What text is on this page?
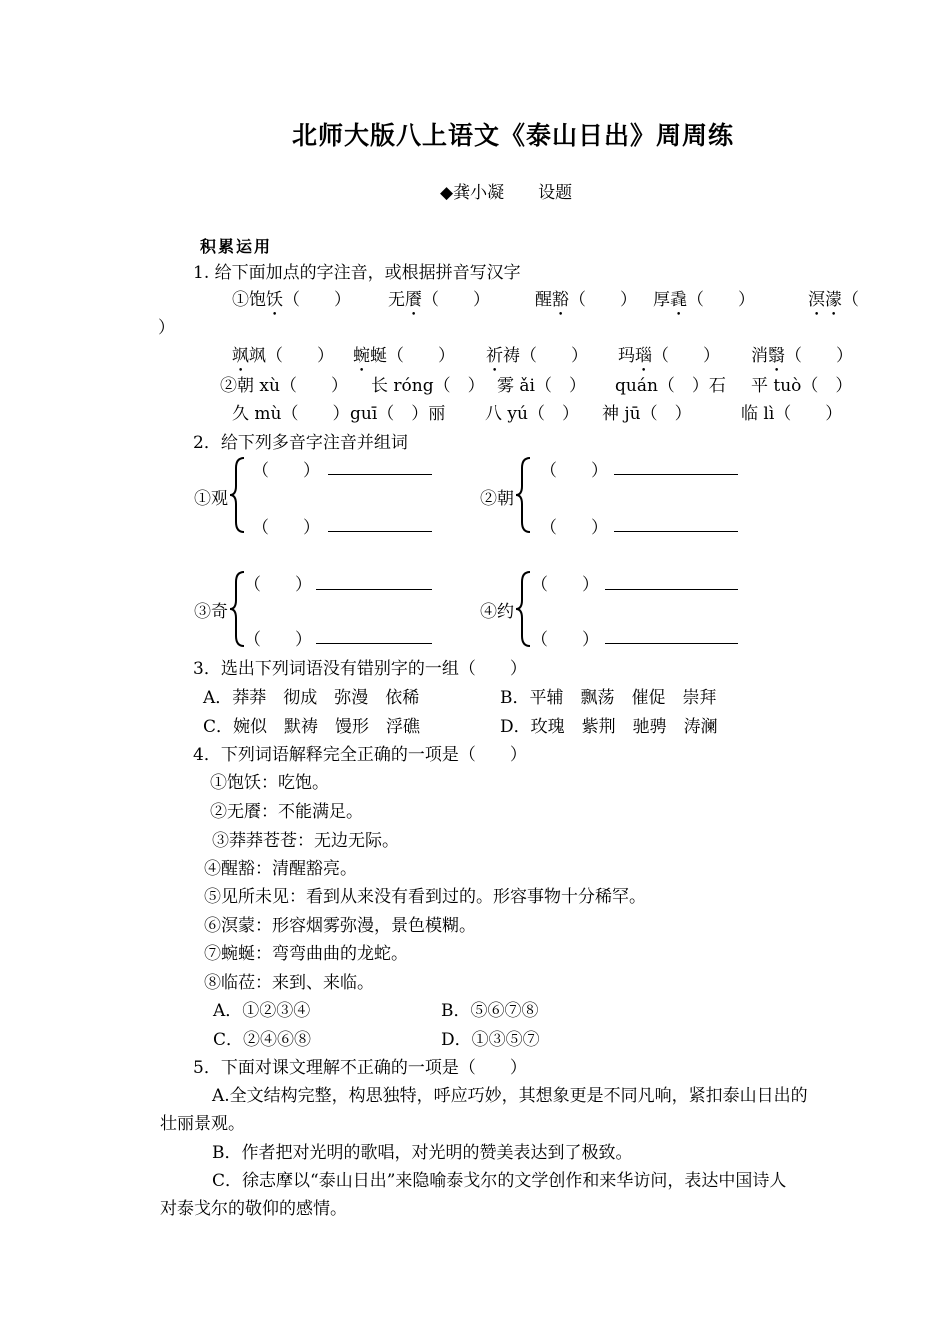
北师大版八上语文《泰山日出》周周练
◆龚小凝　　设题
积累运用
1. 给下面加点的字注音，或根据拼音写汉字
①饱饫（　　） 无餍（　　）	醒豁（　　） 厚毳（　　）	溟濛（
）
飒飒（　　） 蜿蜒（　　） 祈祷（　　） 玛瑙（　　） 消翳（　　）
②朝 xù（　　） 长 róng（　） 雾 ǎi（　） quán（　）石 平 tuò（　）
久 mù（　　） guī（　）丽 八 yú（　） 神 jū（　）	临 lì（　　）
2．给下列多音字注音并组词
①观
（　　）
（　　）
②朝
（　　）
（　　）
③奇
（　　）
（　　）
④约
（　　）
（　　）
3．选出下列词语没有错别字的一组（　　）
A．莽莽　彻成　弥漫　依稀	B．平辅　飘荡　催促　崇拜
C．婉似　默祷　馒形　浮礁	D．玫瑰　紫荆　驰骋　涛澜
4．下列词语解释完全正确的一项是（　　）
①饱饫：吃饱。
②无餍：不能满足。
③莽莽苍苍：无边无际。
④醒豁：清醒豁亮。
⑤见所未见：看到从来没有看到过的。形容事物十分稀罕。
⑥溟蒙：形容烟雾弥漫，景色模糊。
⑦蜿蜒：弯弯曲曲的龙蛇。
⑧临莅：来到、来临。
A．①②③④	B．⑤⑥⑦⑧
C．②④⑥⑧	D．①③⑤⑦
5．下面对课文理解不正确的一项是（　　）
A.全文结构完整，构思独特，呼应巧妙，其想象更是不同凡响，紧扣泰山日出的
壮丽景观。
B．作者把对光明的歌唱，对光明的赞美表达到了极致。
C．徐志摩以“泰山日出”来隐喻泰戈尔的文学创作和来华访问，表达中国诗人
对泰戈尔的敬仰的感情。
